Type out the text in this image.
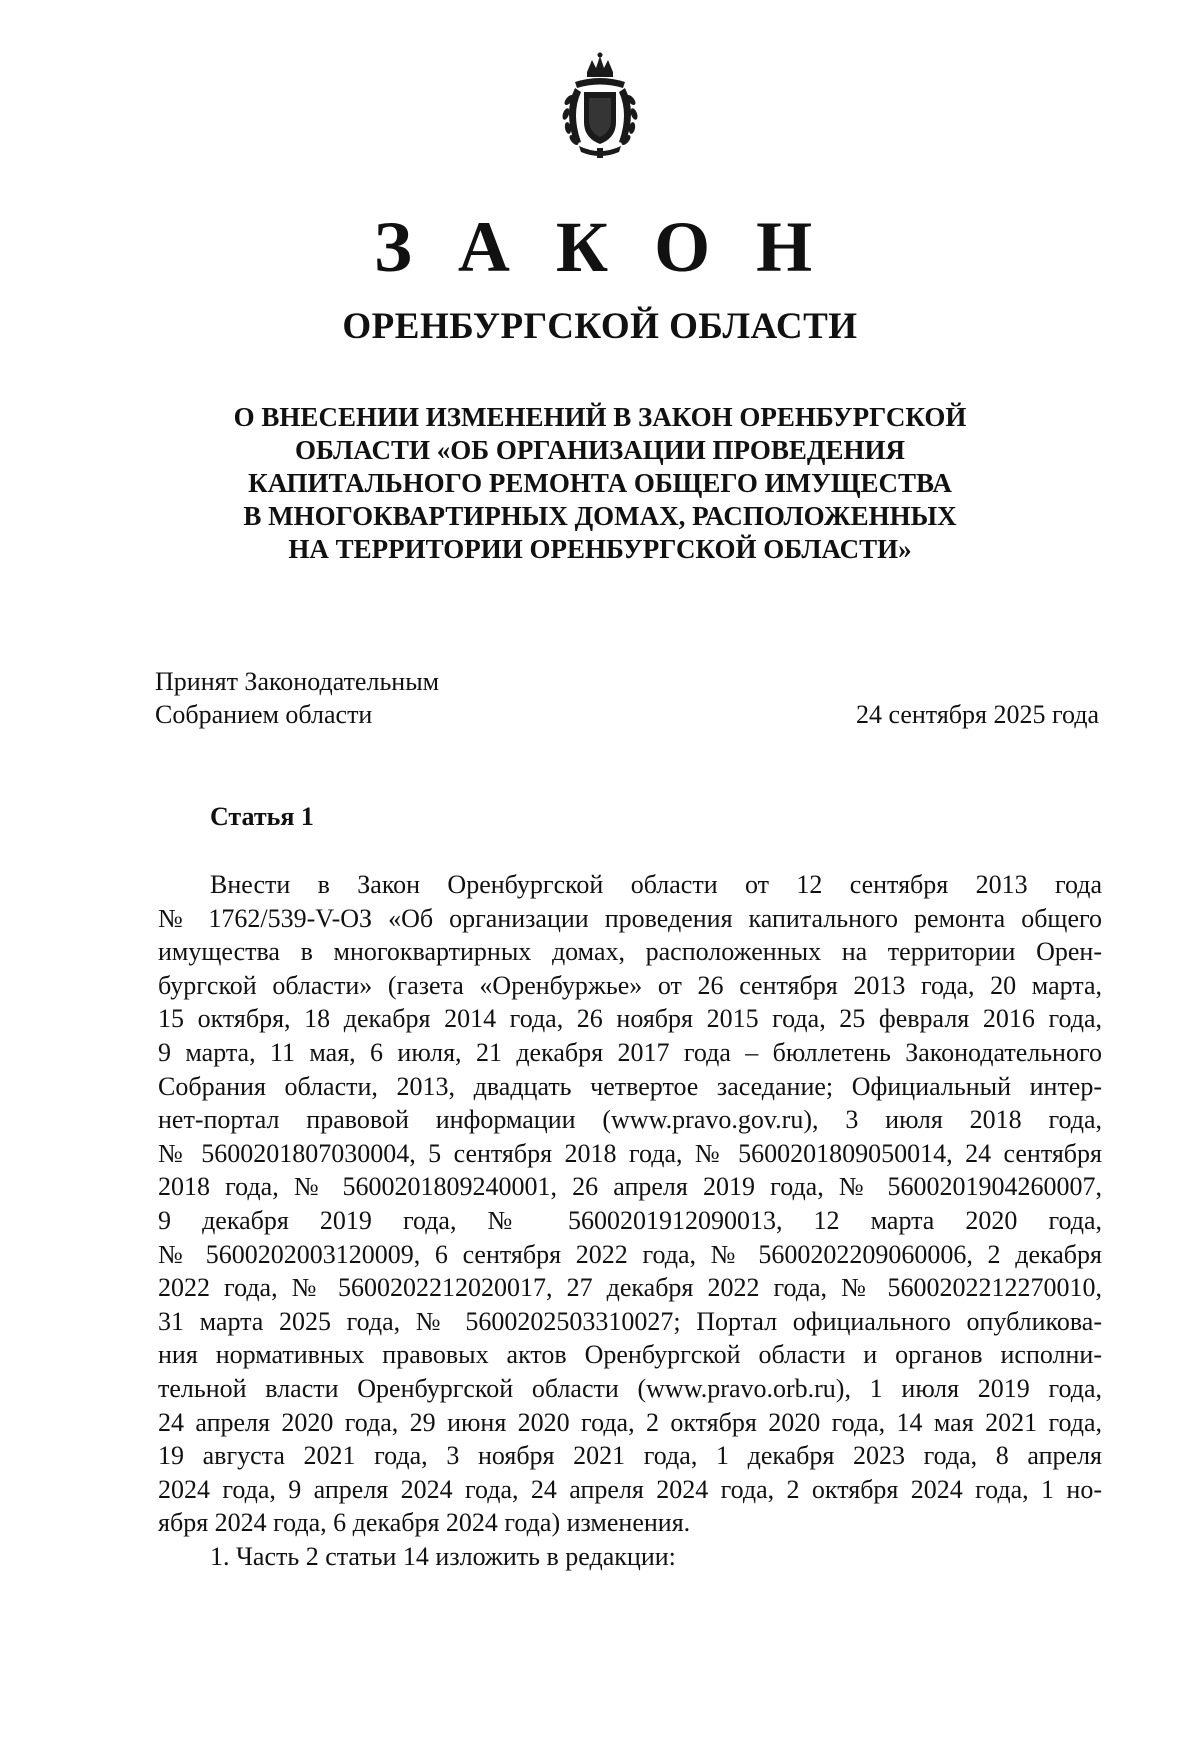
З А К О Н
ОРЕНБУРГСКОЙ ОБЛАСТИ
О ВНЕСЕНИИ ИЗМЕНЕНИЙ В ЗАКОН ОРЕНБУРГСКОЙ
ОБЛАСТИ «ОБ ОРГАНИЗАЦИИ ПРОВЕДЕНИЯ
КАПИТАЛЬНОГО РЕМОНТА ОБЩЕГО ИМУЩЕСТВА
В МНОГОКВАРТИРНЫХ ДОМАХ, РАСПОЛОЖЕННЫХ
НА ТЕРРИТОРИИ ОРЕНБУРГСКОЙ ОБЛАСТИ»
Принят Законодательным
Собранием области	24 сентября 2025 года
Статья 1
Внести в Закон Оренбургской области от 12 сентября 2013 года
№ 1762/539-V-ОЗ «Об организации проведения капитального ремонта общего
имущества в многоквартирных домах, расположенных на территории Орен-
бургской области» (газета «Оренбуржье» от 26 сентября 2013 года, 20 марта,
15 октября, 18 декабря 2014 года, 26 ноября 2015 года, 25 февраля 2016 года,
9 марта, 11 мая, 6 июля, 21 декабря 2017 года – бюллетень Законодательного
Собрания области, 2013, двадцать четвертое заседание; Официальный интер-
нет-портал правовой информации (www.pravo.gov.ru), 3 июля 2018 года,
№ 5600201807030004, 5 сентября 2018 года, № 5600201809050014, 24 сентября
2018 года, № 5600201809240001, 26 апреля 2019 года, № 5600201904260007,
9 декабря 2019 года, № 5600201912090013, 12 марта 2020 года,
№ 5600202003120009, 6 сентября 2022 года, № 5600202209060006, 2 декабря
2022 года, № 5600202212020017, 27 декабря 2022 года, № 5600202212270010,
31 марта 2025 года, № 5600202503310027; Портал официального опубликова-
ния нормативных правовых актов Оренбургской области и органов исполни-
тельной власти Оренбургской области (www.pravo.orb.ru), 1 июля 2019 года,
24 апреля 2020 года, 29 июня 2020 года, 2 октября 2020 года, 14 мая 2021 года,
19 августа 2021 года, 3 ноября 2021 года, 1 декабря 2023 года, 8 апреля
2024 года, 9 апреля 2024 года, 24 апреля 2024 года, 2 октября 2024 года, 1 но-
ября 2024 года, 6 декабря 2024 года) изменения.
1. Часть 2 статьи 14 изложить в редакции:
